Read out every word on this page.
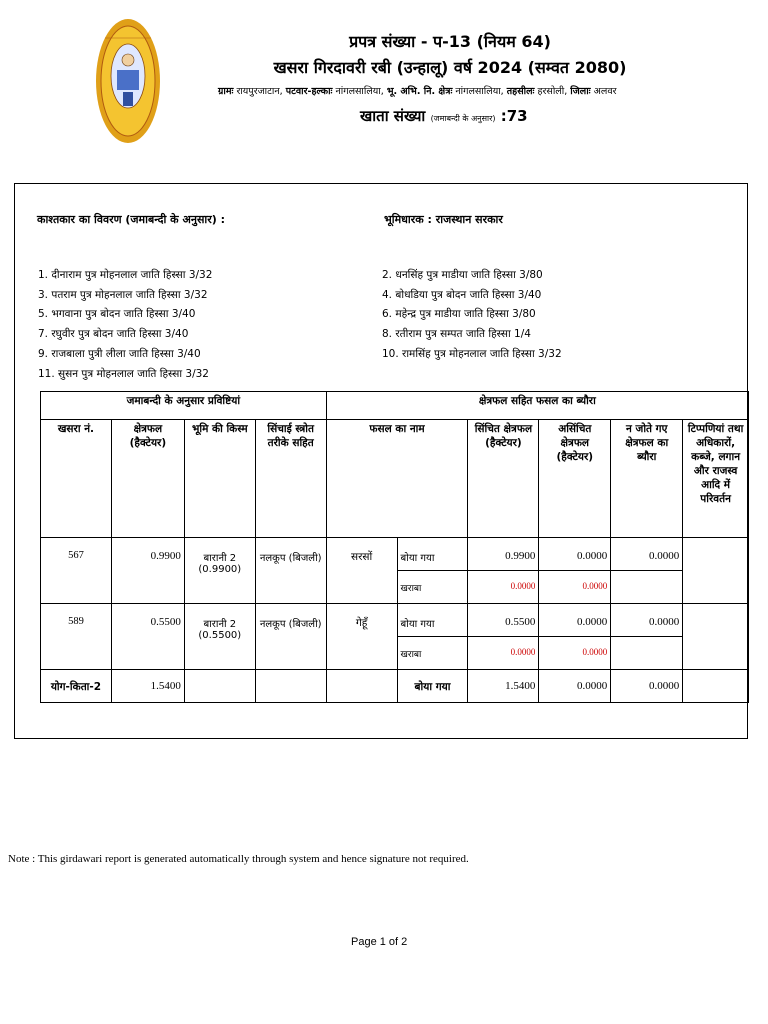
प्रपत्र संख्या - प-13 (नियम 64)
खसरा गिरदावरी रबी (उन्हालू) वर्ष 2024 (सम्वत 2080)
ग्रामः रायपुरजाटान, पटवार-हल्काः नांगलसालिया, भू. अभि. नि. क्षेत्रः नांगलसालिया, तहसीलः हरसोली, जिलाः अलवर
खाता संख्या (जमाबन्दी के अनुसार) :73
काश्तकार का विवरण (जमाबन्दी के अनुसार) :	भूमिधारक : राजस्थान सरकार
1. दीनाराम पुत्र मोहनलाल जाति हिस्सा 3/32	2. धनसिंह पुत्र माडीया जाति हिस्सा 3/80
3. पतराम पुत्र मोहनलाल जाति हिस्सा 3/32	4. बोधडिया पुत्र बोदन जाति हिस्सा 3/40
5. भगवाना पुत्र बोदन जाति हिस्सा 3/40	6. महेन्द्र पुत्र माडीया जाति हिस्सा 3/80
7. रघुवीर पुत्र बोदन जाति हिस्सा 3/40	8. रतीराम पुत्र सम्पत जाति हिस्सा 1/4
9. राजबाला पुत्री लीला जाति हिस्सा 3/40	10. रामसिंह पुत्र मोहनलाल जाति हिस्सा 3/32
11. सुसन पुत्र मोहनलाल जाति हिस्सा 3/32
जमाबन्दी के अनुसार प्रविष्टियां				क्षेत्रफल सहित फसल का ब्यौरा					
खसरा नं.	क्षेत्रफल (हैक्टेयर)	भूमि की किस्म	सिंचाई स्त्रोत तरीके सहित	फसल का नाम		सिंचित क्षेत्रफल (हैक्टेयर)	असिंचित क्षेत्रफल (हैक्टेयर)	न जोते गए क्षेत्रफल का ब्यौरा	टिप्पणियां तथा अधिकारों, कब्जे, लगान और राजस्व आदि में परिवर्तन
567	0.9900	बारानी 2
(0.9900)	नलकूप (बिजली)	सरसों	बोया गया	0.9900	0.0000	0.0000	
					खराबा	0.0000	0.0000		
589	0.5500	बारानी 2
(0.5500)	नलकूप (बिजली)	गेहूँ	बोया गया	0.5500	0.0000	0.0000	
					खराबा	0.0000	0.0000		
योग-किता-2	1.5400				बोया गया	1.5400	0.0000	0.0000	
Note : This girdawari report is generated automatically through system and hence signature not required.
Page 1 of 2
